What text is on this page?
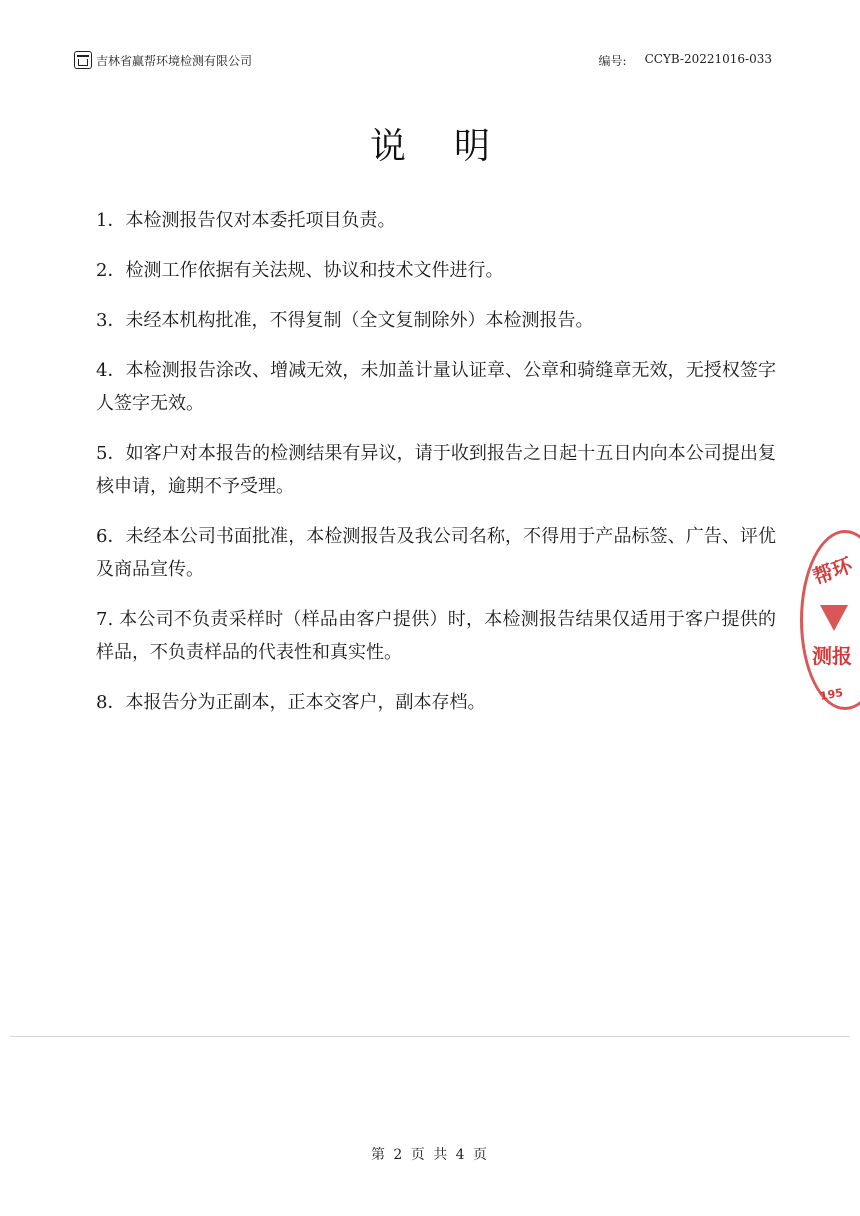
吉林省赢帮环境检测有限公司	编号: CCYB-20221016-033
说明
1．本检测报告仅对本委托项目负责。
2．检测工作依据有关法规、协议和技术文件进行。
3．未经本机构批准，不得复制（全文复制除外）本检测报告。
4．本检测报告涂改、增减无效，未加盖计量认证章、公章和骑缝章无效，无授权签字人签字无效。
5．如客户对本报告的检测结果有异议，请于收到报告之日起十五日内向本公司提出复核申请，逾期不予受理。
6．未经本公司书面批准，本检测报告及我公司名称，不得用于产品标签、广告、评优及商品宣传。
7. 本公司不负责采样时（样品由客户提供）时，本检测报告结果仅适用于客户提供的样品，不负责样品的代表性和真实性。
8．本报告分为正副本，正本交客户，副本存档。
帮环
测报
195
第 2 页 共 4 页
